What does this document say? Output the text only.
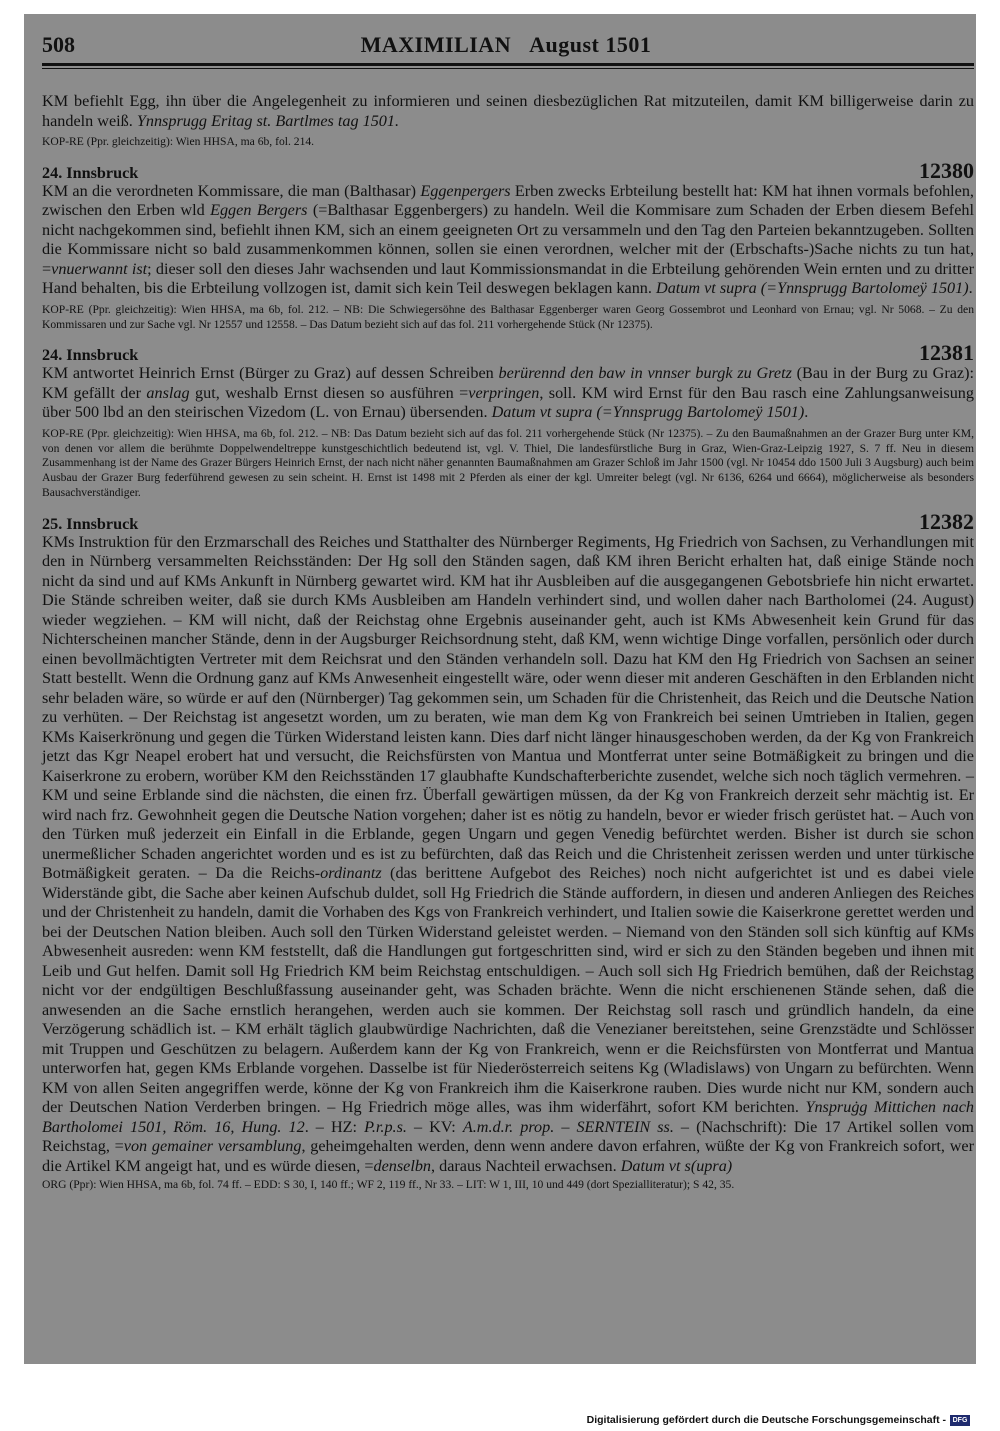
508	MAXIMILIAN August 1501

KM befiehlt Egg, ihn über die Angelegenheit zu informieren und seinen diesbezüglichen Rat mitzuteilen, damit KM billigerweise darin zu handeln weiß. Ynnsprugg Eritag st. Bartlmes tag 1501.

KOP-RE (Ppr. gleichzeitig): Wien HHSA, ma 6b, fol. 214.

24. Innsbruck	12380

KM an die verordneten Kommissare, die man (Balthasar) Eggenpergers Erben zwecks Erbteilung bestellt hat: KM hat ihnen vormals befohlen, zwischen den Erben wld Eggen Bergers (=Balthasar Eggenbergers) zu handeln. Weil die Kommisare zum Schaden der Erben diesem Befehl nicht nachgekommen sind, befiehlt ihnen KM, sich an einem geeigneten Ort zu versammeln und den Tag den Parteien bekanntzugeben. Sollten die Kommissare nicht so bald zusammenkommen können, sollen sie einen verordnen, welcher mit der (Erbschafts-)Sache nichts zu tun hat, =vnuerwannt ist; dieser soll den dieses Jahr wachsenden und laut Kommissionsmandat in die Erbteilung gehörenden Wein ernten und zu dritter Hand behalten, bis die Erbteilung vollzogen ist, damit sich kein Teil deswegen beklagen kann. Datum vt supra (=Ynnsprugg Bartolomeÿ 1501).

KOP-RE (Ppr. gleichzeitig): Wien HHSA, ma 6b, fol. 212. – NB: Die Schwiegersöhne des Balthasar Eggenberger waren Georg Gossembrot und Leonhard von Ernau; vgl. Nr 5068. – Zu den Kommissaren und zur Sache vgl. Nr 12557 und 12558. – Das Datum bezieht sich auf das fol. 211 vorhergehende Stück (Nr 12375).

24. Innsbruck	12381

KM antwortet Heinrich Ernst (Bürger zu Graz) auf dessen Schreiben berürennd den baw in vnnser burgk zu Gretz (Bau in der Burg zu Graz): KM gefällt der anslag gut, weshalb Ernst diesen so ausführen =verpringen, soll. KM wird Ernst für den Bau rasch eine Zahlungsanweisung über 500 lbd an den steirischen Vizedom (L. von Ernau) übersenden. Datum vt supra (=Ynnsprugg Bartolomeÿ 1501).

KOP-RE (Ppr. gleichzeitig): Wien HHSA, ma 6b, fol. 212. – NB: Das Datum bezieht sich auf das fol. 211 vorhergehende Stück (Nr 12375). – Zu den Baumaßnahmen an der Grazer Burg unter KM, von denen vor allem die berühmte Doppelwendeltreppe kunstgeschichtlich bedeutend ist, vgl. V. Thiel, Die landesfürstliche Burg in Graz, Wien-Graz-Leipzig 1927, S. 7 ff. Neu in diesem Zusammenhang ist der Name des Grazer Bürgers Heinrich Ernst, der nach nicht näher genannten Baumaßnahmen am Grazer Schloß im Jahr 1500 (vgl. Nr 10454 ddo 1500 Juli 3 Augsburg) auch beim Ausbau der Grazer Burg federführend gewesen zu sein scheint. H. Ernst ist 1498 mit 2 Pferden als einer der kgl. Umreiter belegt (vgl. Nr 6136, 6264 und 6664), möglicherweise als besonders Bausachverständiger.

25. Innsbruck	12382

KMs Instruktion für den Erzmarschall des Reiches und Statthalter des Nürnberger Regiments, Hg Friedrich von Sachsen, zu Verhandlungen mit den in Nürnberg versammelten Reichsständen: Der Hg soll den Ständen sagen, daß KM ihren Bericht erhalten hat, daß einige Stände noch nicht da sind und auf KMs Ankunft in Nürnberg gewartet wird. KM hat ihr Ausbleiben auf die ausgegangenen Gebotsbriefe hin nicht erwartet. Die Stände schreiben weiter, daß sie durch KMs Ausbleiben am Handeln verhindert sind, und wollen daher nach Bartholomei (24. August) wieder wegziehen. – KM will nicht, daß der Reichstag ohne Ergebnis auseinander geht, auch ist KMs Abwesenheit kein Grund für das Nichterscheinen mancher Stände, denn in der Augsburger Reichsordnung steht, daß KM, wenn wichtige Dinge vorfallen, persönlich oder durch einen bevollmächtigten Vertreter mit dem Reichsrat und den Ständen verhandeln soll. Dazu hat KM den Hg Friedrich von Sachsen an seiner Statt bestellt. Wenn die Ordnung ganz auf KMs Anwesenheit eingestellt wäre, oder wenn dieser mit anderen Geschäften in den Erblanden nicht sehr beladen wäre, so würde er auf den (Nürnberger) Tag gekommen sein, um Schaden für die Christenheit, das Reich und die Deutsche Nation zu verhüten. – Der Reichstag ist angesetzt worden, um zu beraten, wie man dem Kg von Frankreich bei seinen Umtrieben in Italien, gegen KMs Kaiserkrönung und gegen die Türken Widerstand leisten kann. Dies darf nicht länger hinausgeschoben werden, da der Kg von Frankreich jetzt das Kgr Neapel erobert hat und versucht, die Reichsfürsten von Mantua und Montferrat unter seine Botmäßigkeit zu bringen und die Kaiserkrone zu erobern, worüber KM den Reichsständen 17 glaubhafte Kundschafterberichte zusendet, welche sich noch täglich vermehren. – KM und seine Erblande sind die nächsten, die einen frz. Überfall gewärtigen müssen, da der Kg von Frankreich derzeit sehr mächtig ist. Er wird nach frz. Gewohnheit gegen die Deutsche Nation vorgehen; daher ist es nötig zu handeln, bevor er wieder frisch gerüstet hat. – Auch von den Türken muß jederzeit ein Einfall in die Erblande, gegen Ungarn und gegen Venedig befürchtet werden. Bisher ist durch sie schon unermeßlicher Schaden angerichtet worden und es ist zu befürchten, daß das Reich und die Christenheit zerissen werden und unter türkische Botmäßigkeit geraten. – Da die Reichs-ordinantz (das berittene Aufgebot des Reiches) noch nicht aufgerichtet ist und es dabei viele Widerstände gibt, die Sache aber keinen Aufschub duldet, soll Hg Friedrich die Stände auffordern, in diesen und anderen Anliegen des Reiches und der Christenheit zu handeln, damit die Vorhaben des Kgs von Frankreich verhindert, und Italien sowie die Kaiserkrone gerettet werden und bei der Deutschen Nation bleiben. Auch soll den Türken Widerstand geleistet werden. – Niemand von den Ständen soll sich künftig auf KMs Abwesenheit ausreden: wenn KM feststellt, daß die Handlungen gut fortgeschritten sind, wird er sich zu den Ständen begeben und ihnen mit Leib und Gut helfen. Damit soll Hg Friedrich KM beim Reichstag entschuldigen. – Auch soll sich Hg Friedrich bemühen, daß der Reichstag nicht vor der endgültigen Beschlußfassung auseinander geht, was Schaden brächte. Wenn die nicht erschienenen Stände sehen, daß die anwesenden an die Sache ernstlich herangehen, werden auch sie kommen. Der Reichstag soll rasch und gründlich handeln, da eine Verzögerung schädlich ist. – KM erhält täglich glaubwürdige Nachrichten, daß die Venezianer bereitstehen, seine Grenzstädte und Schlösser mit Truppen und Geschützen zu belagern. Außerdem kann der Kg von Frankreich, wenn er die Reichsfürsten von Montferrat und Mantua unterworfen hat, gegen KMs Erblande vorgehen. Dasselbe ist für Niederösterreich seitens Kg (Wladislaws) von Ungarn zu befürchten. Wenn KM von allen Seiten angegriffen werde, könne der Kg von Frankreich ihm die Kaiserkrone rauben. Dies wurde nicht nur KM, sondern auch der Deutschen Nation Verderben bringen. – Hg Friedrich möge alles, was ihm widerfährt, sofort KM berichten. Ynspruġg Mittichen nach Bartholomei 1501, Röm. 16, Hung. 12. – HZ: P.r.p.s. – KV: A.m.d.r. prop. – SERNTEIN ss. – (Nachschrift): Die 17 Artikel sollen vom Reichstag, =von gemainer versamblung, geheimgehalten werden, denn wenn andere davon erfahren, wüßte der Kg von Frankreich sofort, wer die Artikel KM angeigt hat, und es würde diesen, =denselbn, daraus Nachteil erwachsen. Datum vt s(upra)

ORG (Ppr): Wien HHSA, ma 6b, fol. 74 ff. – EDD: S 30, I, 140 ff.; WF 2, 119 ff., Nr 33. – LIT: W 1, III, 10 und 449 (dort Spezialliteratur); S 42, 35.

Digitalisierung gefördert durch die Deutsche Forschungsgemeinschaft - DFG
